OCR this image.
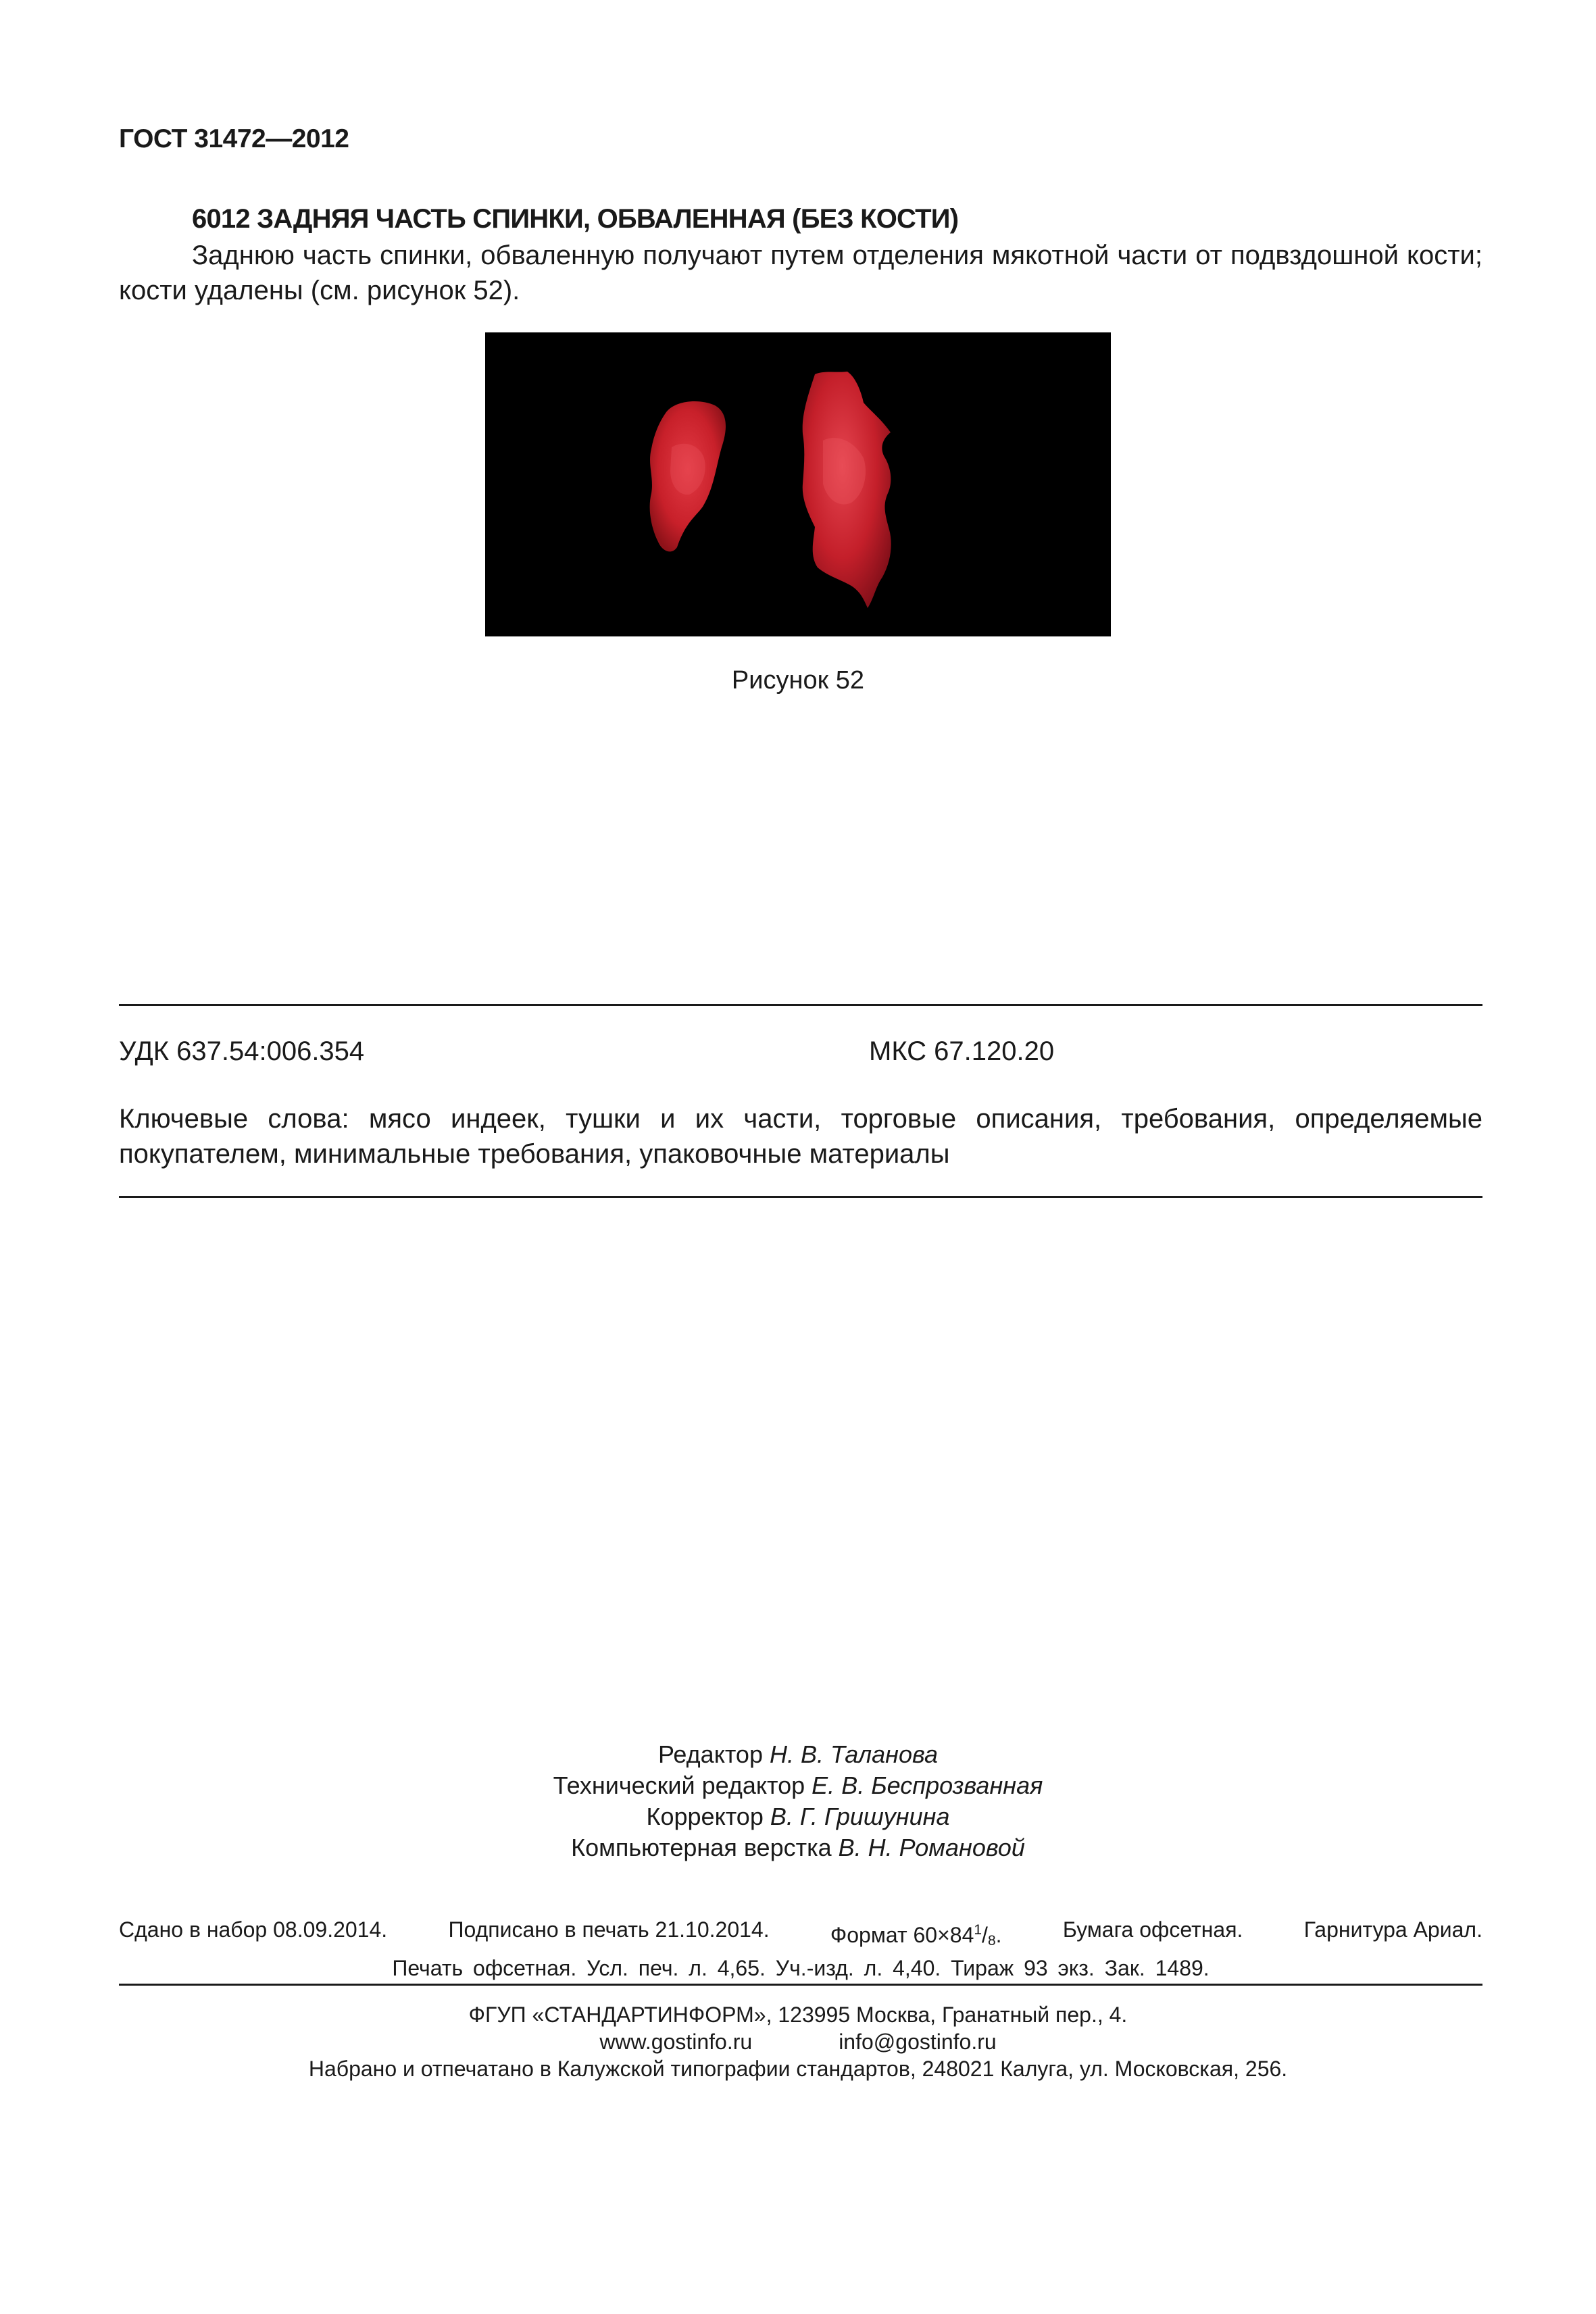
ГОСТ 31472—2012
6012 ЗАДНЯЯ ЧАСТЬ СПИНКИ, ОБВАЛЕННАЯ (БЕЗ КОСТИ)
Заднюю часть спинки, обваленную получают путем отделения мякотной части от подвздошной кости; кости удалены (см. рисунок 52).
Рисунок 52
УДК 637.54:006.354	МКС 67.120.20
Ключевые слова: мясо индеек, тушки и их части, торговые описания, требования, определяемые покупателем, минимальные требования, упаковочные материалы
Редактор Н. В. Таланова
Технический редактор Е. В. Беспрозванная
Корректор В. Г. Гришунина
Компьютерная верстка В. Н. Романовой
Сдано в набор 08.09.2014.	Подписано в печать 21.10.2014.	Формат $60\times 84^1/_8$.	Бумага офсетная.	Гарнитура Ариал.
Печать офсетная. Усл. печ. л. 4,65. Уч.-изд. л. 4,40. Тираж 93 экз. Зак. 1489.
ФГУП «СТАНДАРТИНФОРМ», 123995 Москва, Гранатный пер., 4.
www.gostinfo.ru	info@gostinfo.ru
Набрано и отпечатано в Калужской типографии стандартов, 248021 Калуга, ул. Московская, 256.
